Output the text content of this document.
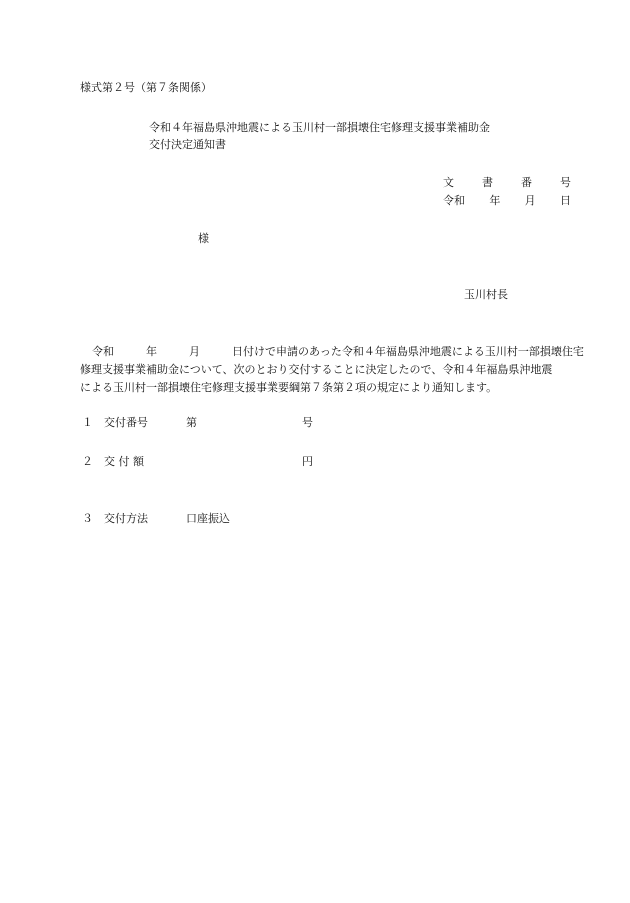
様式第２号（第７条関係）
令和４年福島県沖地震による玉川村一部損壊住宅修理支援事業補助金
交付決定通知書
文	書	番	号
令和 年 月 日
様
玉川村長
令和	年	月	日付けで申請のあった令和４年福島県沖地震による玉川村一部損壊住宅
修理支援事業補助金について、次のとおり交付することに決定したので、令和４年福島県沖地震
による玉川村一部損壊住宅修理支援事業要綱第７条第２項の規定により通知します。
１	交付番号	第	号
２	交 付 額	円
３	交付方法	口座振込
